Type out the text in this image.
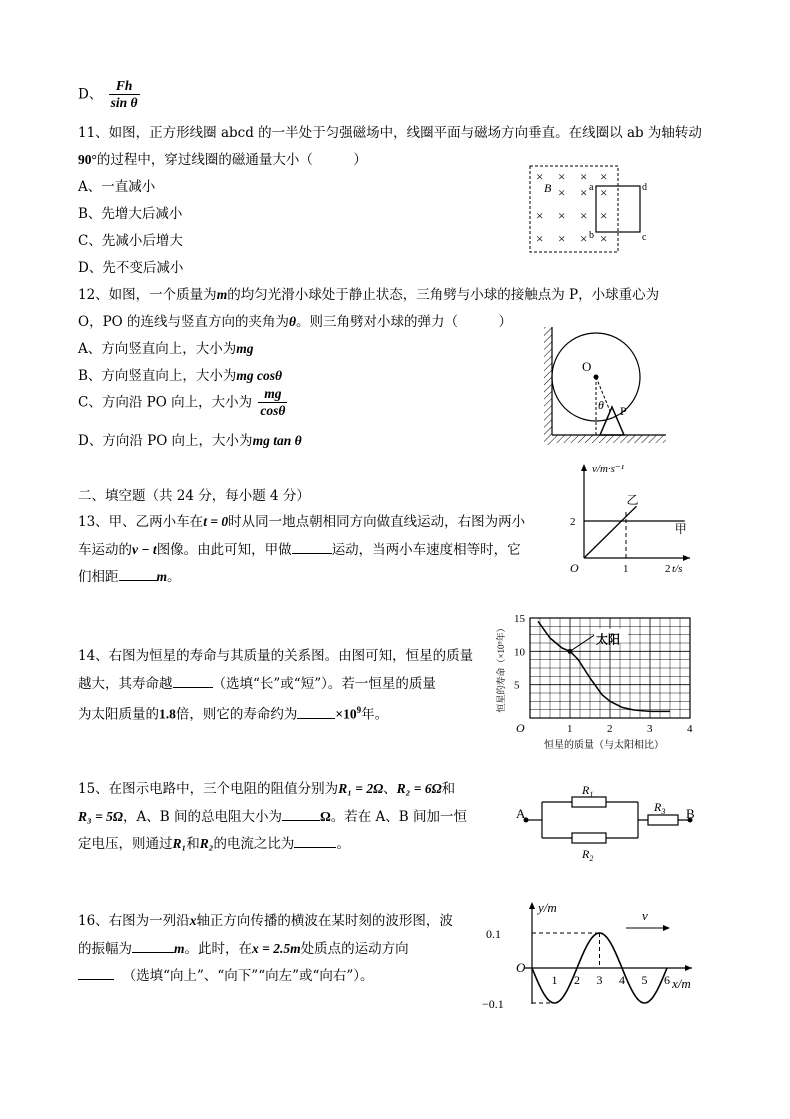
D、 $\frac{Fh}{\text{sin θ}}$
11、如图，正方形线圈 abcd 的一半处于匀强磁场中，线圈平面与磁场方向垂直。在线圈以 ab 为轴转动
90°的过程中，穿过线圈的磁通量大小（　　　）
A、一直减小
B、先增大后减小
C、先减小后增大
D、先不变后减小
× × × ×
× × ×
× × × ×
× × × ×
B	a	d
b	c
12、如图，一个质量为m的均匀光滑小球处于静止状态，三角劈与小球的接触点为 P，小球重心为
O，PO 的连线与竖直方向的夹角为θ。则三角劈对小球的弹力（　　　）
A、方向竖直向上，大小为mg
B、方向竖直向上，大小为mg cosθ
C、方向沿 PO 向上，大小为 $\frac{mg}{\cos\theta}$
D、方向沿 PO 向上，大小为mg tan θ
O
θ P
二、填空题（共 24 分，每小题 4 分）
13、甲、乙两小车在t = 0时从同一地点朝相同方向做直线运动，右图为两小
车运动的v − t图像。由此可知，甲做	运动，当两小车速度相等时，它
们相距	m。
v/m·s⁻¹
t/s
O	1	2
2	甲
乙
14、右图为恒星的寿命与其质量的关系图。由图可知，恒星的质量
越大，其寿命越	（选填“长”或“短”）。若一恒星的质量
为太阳质量的1.8倍，则它的寿命约为	$\times 10^9$年。
1	2	3	4
5
10
15
O
恒星的质量（与太阳相比）
恒星的寿命（×10⁹年）	太阳
15、在图示电路中，三个电阻的阻值分别为R₁ = 2Ω、R₂ = 6Ω和
R₃ = 5Ω，A、B 间的总电阻大小为	Ω。若在 A、B 间加一恒
定电压，则通过R₁和R₂的电流之比为	。
A	B
$R_1$
$R_2$
$R_3$
16、右图为一列沿x轴正方向传播的横波在某时刻的波形图，波
的振幅为	m。此时，在x = 2.5m处质点的运动方向
（选填“向上”、“向下”“向左”或“向右”）。
y/m
x/m
O
1 2 3 4 5 6
0.1
−0.1
v
